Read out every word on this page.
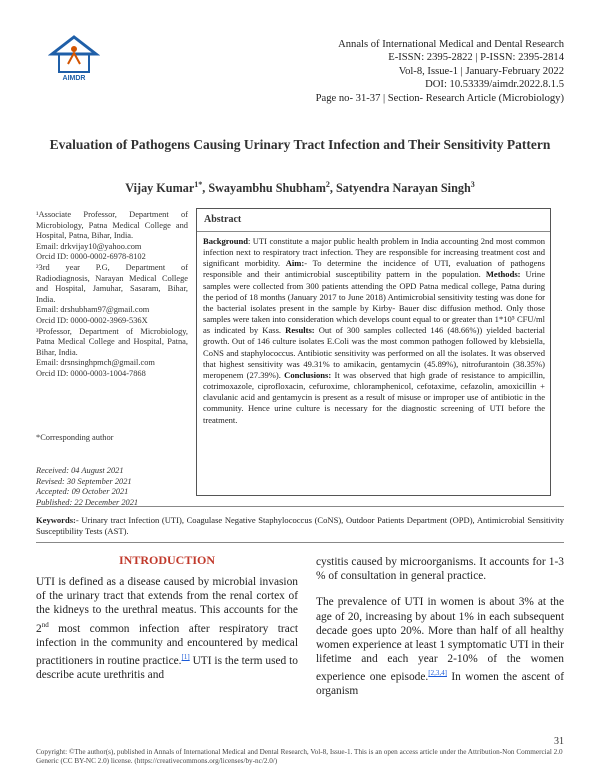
AIMDR
Annals of International Medical and Dental Research
E-ISSN: 2395-2822 | P-ISSN: 2395-2814
Vol-8, Issue-1 | January-February 2022
DOI: 10.53339/aimdr.2022.8.1.5
Page no- 31-37 | Section- Research Article (Microbiology)
Evaluation of Pathogens Causing Urinary Tract Infection and Their Sensitivity Pattern
Vijay Kumar$^{1*}$, Swayambhu Shubham$^2$, Satyendra Narayan Singh$^3$
¹Associate Professor, Department of Microbiology, Patna Medical College and Hospital, Patna, Bihar, India.
Email: drkvijay10@yahoo.com
Orcid ID: 0000-0002-6978-8102
²3rd year P.G, Department of Radiodiagnosis, Narayan Medical College and Hospital, Jamuhar, Sasaram, Bihar, India.
Email: drshubham97@gmail.com
Orcid ID: 0000-0002-3969-536X
³Professor, Department of Microbiology, Patna Medical College and Hospital, Patna, Bihar, India.
Email: drsnsinghpmch@gmail.com
Orcid ID: 0000-0003-1004-7868
*Corresponding author
Received: 04 August 2021
Revised: 30 September 2021
Accepted: 09 October 2021
Published: 22 December 2021
Abstract
Background: UTI constitute a major public health problem in India accounting 2nd most common infection next to respiratory tract infection. They are responsible for increasing treatment cost and significant morbidity. Aim:- To determine the incidence of UTI, evaluation of pathogens responsible and their antimicrobial susceptibility pattern in the population. Methods: Urine samples were collected from 300 patients attending the OPD Patna medical college, Patna during the period of 18 months (January 2017 to June 2018) Antimicrobial sensitivity testing was done for the bacterial isolates present in the sample by Kirby- Bauer disc diffusion method. Only those samples were taken into consideration which develops count equal to or greater than 1*10⁵ CFU/ml as indicated by Kass. Results: Out of 300 samples collected 146 (48.66%)) yielded bacterial growth. Out of 146 culture isolates E.Coli was the most common pathogen followed by klebsiella, CoNS and staphylococcus. Antibiotic sensitivity was performed on all the isolates. It was observed that highest sensitivity was 49.31% to amikacin, gentamycin (45.89%), nitrofurantoin (38.35%) meropenem (27.39%). Conclusions: It was observed that high grade of resistance to ampicillin, cotrimoxazole, ciprofloxacin, cefuroxime, chloramphenicol, cefotaxime, cefazolin, amoxicillin + clavulanic acid and gentamycin is present as a result of misuse or improper use of antibiotic in the community. Hence urine culture is necessary for the diagnostic screening of UTI before the treatment.
Keywords:- Urinary tract Infection (UTI), Coagulase Negative Staphylococcus (CoNS), Outdoor Patients Department (OPD), Antimicrobial Sensitivity Susceptibility Tests (AST).
INTRODUCTION

UTI is defined as a disease caused by microbial invasion of the urinary tract that extends from the renal cortex of the kidneys to the urethral meatus. This accounts for the 2nd most common infection after respiratory tract infection in the community and encountered by medical practitioners in routine practice.[1] UTI is the term used to describe acute urethritis and

cystitis caused by microorganisms. It accounts for 1-3 % of consultation in general practice.

The prevalence of UTI in women is about 3% at the age of 20, increasing by about 1% in each subsequent decade goes upto 20%. More than half of all healthy women experience at least 1 symptomatic UTI in their lifetime and each year 2-10% of the women experience one episode.[2,3,4] In women the ascent of organism

31
Copyright: ©The author(s), published in Annals of International Medical and Dental Research, Vol-8, Issue-1. This is an open access article under the Attribution-Non Commercial 2.0 Generic (CC BY-NC 2.0) license. (https://creativecommons.org/licenses/by-nc/2.0/)
